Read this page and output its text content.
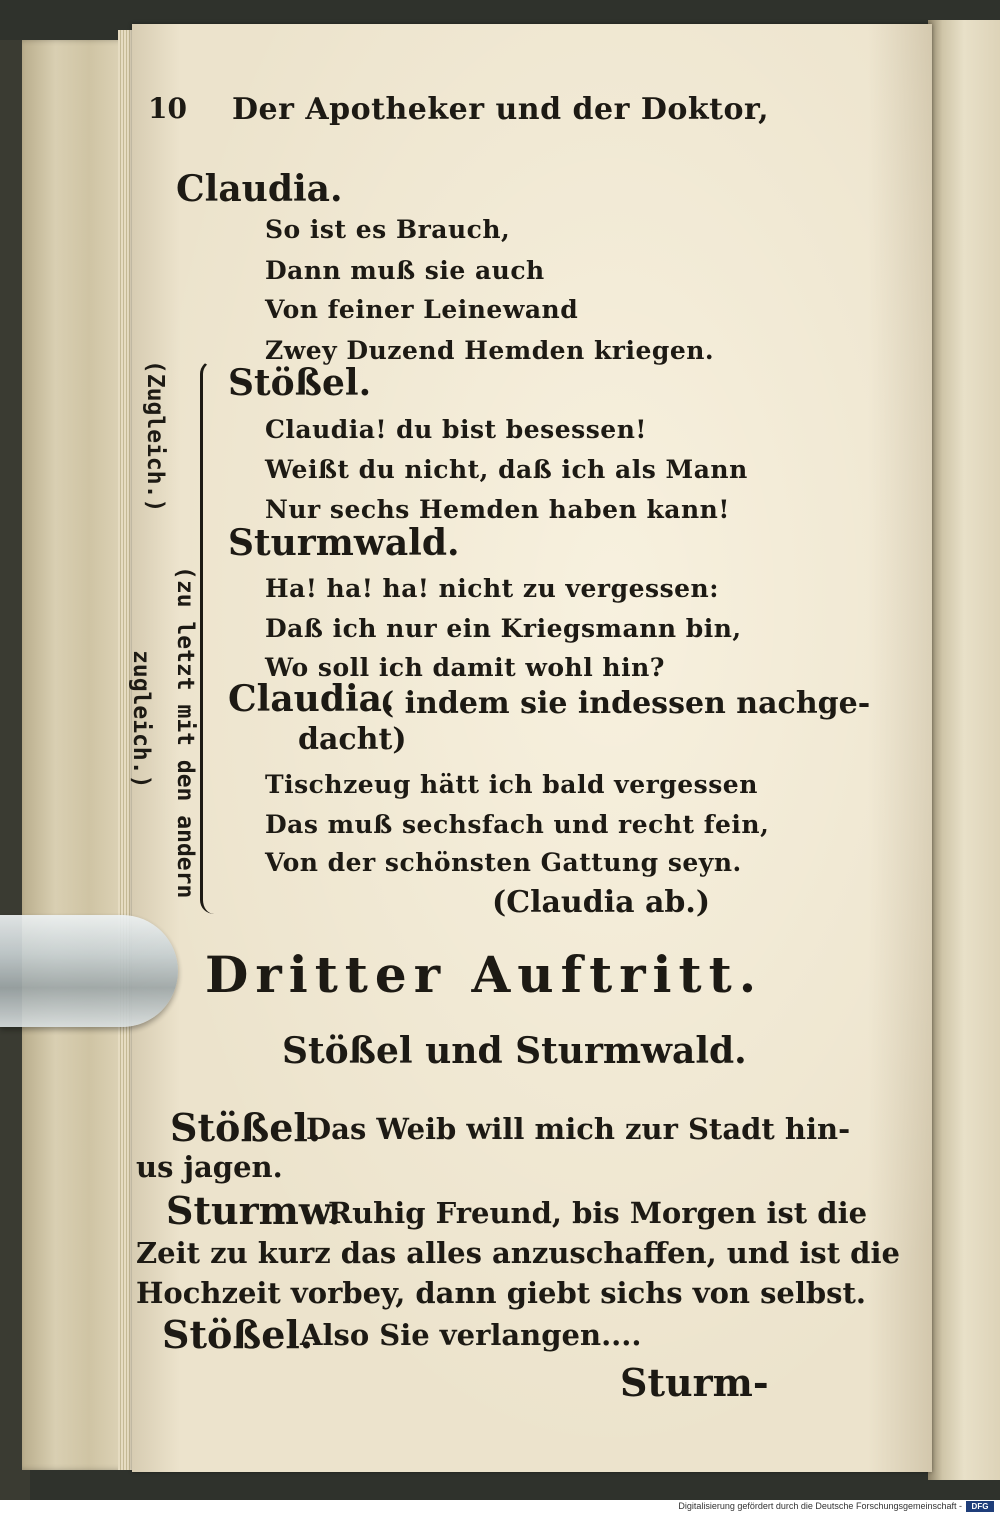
10 Der Apotheker und der Doktor,
Claudia.
So ist es Brauch,
Dann muß sie auch
Von feiner Leinewand
Zwey Duzend Hemden kriegen.
Stößel.
Claudia! du bist besessen!
Weißt du nicht, daß ich als Mann
Nur sechs Hemden haben kann!
Sturmwald.
Ha! ha! ha! nicht zu vergessen:
Daß ich nur ein Kriegsmann bin,
Wo soll ich damit wohl hin?
Claudia.
( indem sie indessen nachge-
dacht)
Tischzeug hätt ich bald vergessen
Das muß sechsfach und recht fein,
Von der schönsten Gattung seyn.
(Claudia ab.)
(Zugleich.)
(zu letzt mit den andern
zugleich.)
Dritter Auftritt.
Stößel und Sturmwald.
Stößel.
Das Weib will mich zur Stadt hin-
us jagen.
Sturmw.
Ruhig Freund, bis Morgen ist die
Zeit zu kurz das alles anzuschaffen, und ist die
Hochzeit vorbey, dann giebt sichs von selbst.
Stößel.
Also Sie verlangen....
Sturm-
Digitalisierung gefördert durch die Deutsche Forschungsgemeinschaft -	DFG
